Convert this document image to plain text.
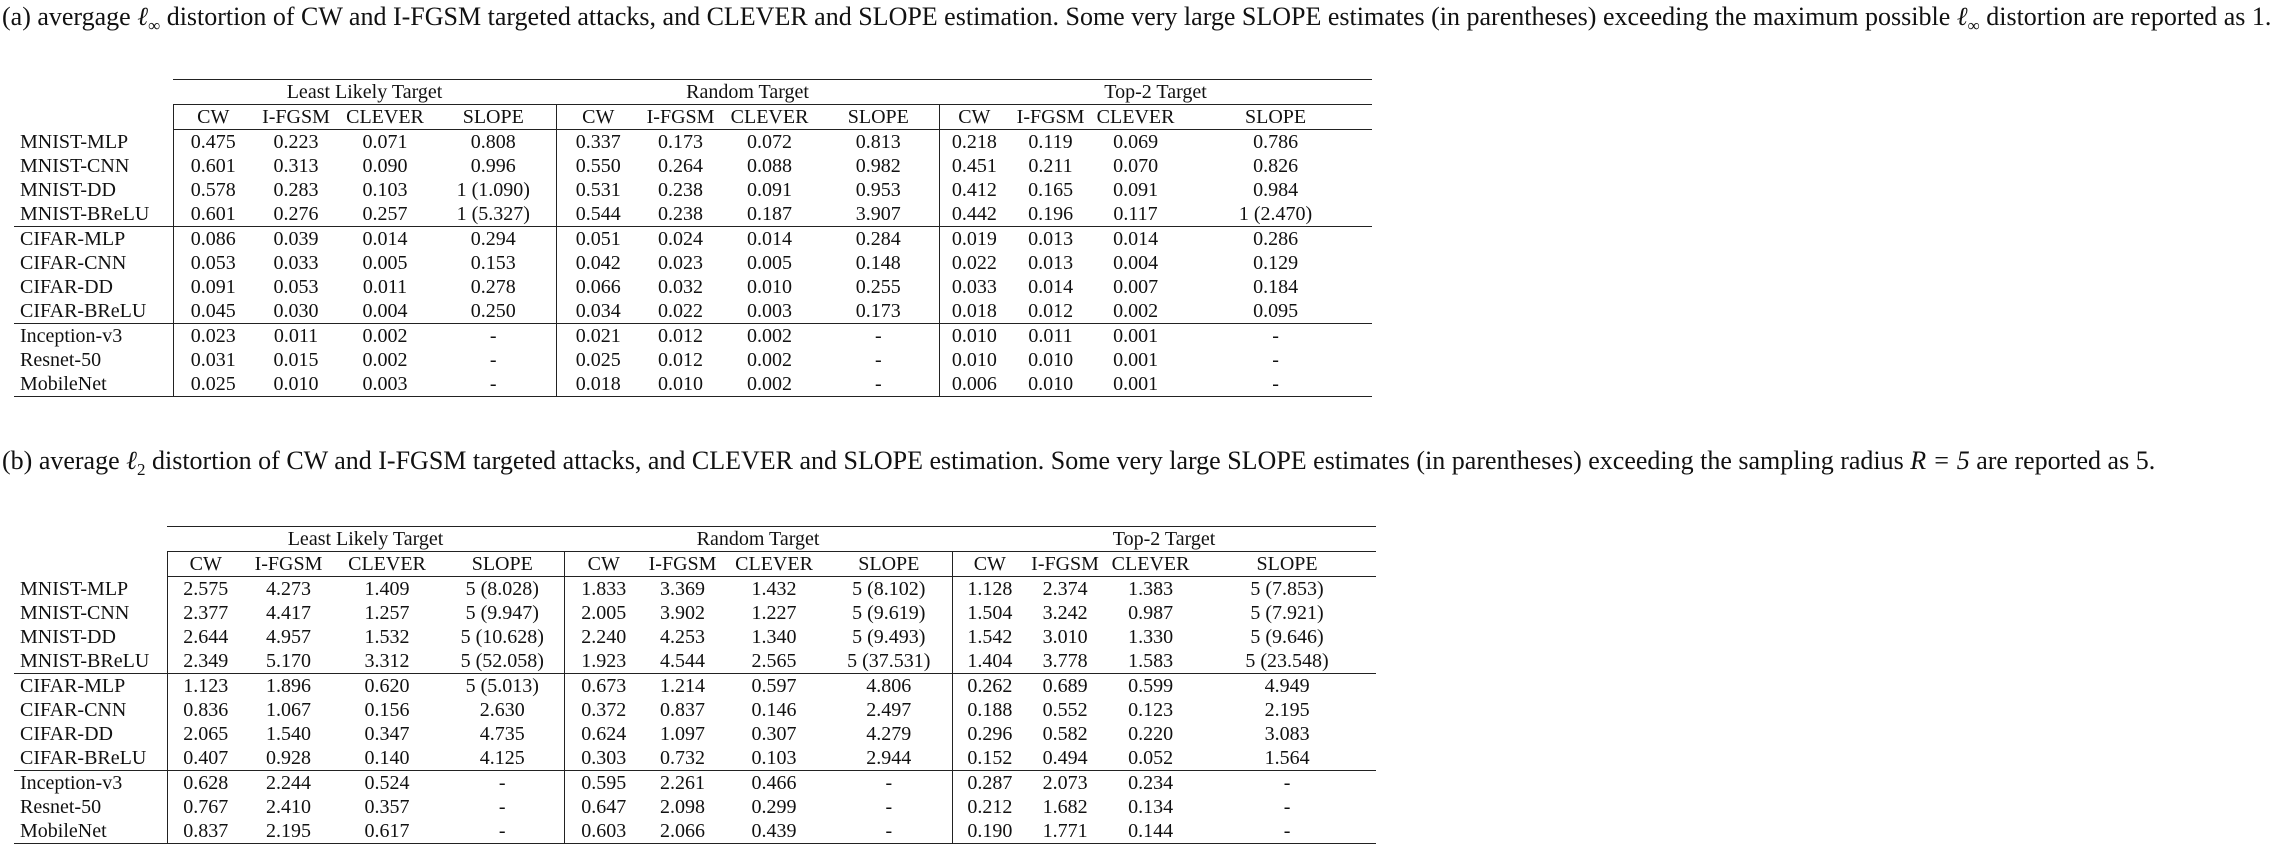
(a) avergage ℓ$_\infty$ distortion of CW and I-FGSM targeted attacks, and CLEVER and SLOPE estimation. Some very large SLOPE estimates (in parentheses) exceeding the maximum possible ℓ$_\infty$ distortion are reported as 1.
	Least Likely Target				Random Target				Top-2 Target			
	CW	I-FGSM	CLEVER	SLOPE	CW	I-FGSM	CLEVER	SLOPE	CW	I-FGSM	CLEVER	SLOPE
MNIST-MLP	0.475	0.223	0.071	0.808	0.337	0.173	0.072	0.813	0.218	0.119	0.069	0.786
MNIST-CNN	0.601	0.313	0.090	0.996	0.550	0.264	0.088	0.982	0.451	0.211	0.070	0.826
MNIST-DD	0.578	0.283	0.103	1 (1.090)	0.531	0.238	0.091	0.953	0.412	0.165	0.091	0.984
MNIST-BReLU	0.601	0.276	0.257	1 (5.327)	0.544	0.238	0.187	3.907	0.442	0.196	0.117	1 (2.470)
CIFAR-MLP	0.086	0.039	0.014	0.294	0.051	0.024	0.014	0.284	0.019	0.013	0.014	0.286
CIFAR-CNN	0.053	0.033	0.005	0.153	0.042	0.023	0.005	0.148	0.022	0.013	0.004	0.129
CIFAR-DD	0.091	0.053	0.011	0.278	0.066	0.032	0.010	0.255	0.033	0.014	0.007	0.184
CIFAR-BReLU	0.045	0.030	0.004	0.250	0.034	0.022	0.003	0.173	0.018	0.012	0.002	0.095
Inception-v3	0.023	0.011	0.002	-	0.021	0.012	0.002	-	0.010	0.011	0.001	-
Resnet-50	0.031	0.015	0.002	-	0.025	0.012	0.002	-	0.010	0.010	0.001	-
MobileNet	0.025	0.010	0.003	-	0.018	0.010	0.002	-	0.006	0.010	0.001	-
(b) average ℓ$_2$ distortion of CW and I-FGSM targeted attacks, and CLEVER and SLOPE estimation. Some very large SLOPE estimates (in parentheses) exceeding the sampling radius R = 5 are reported as 5.
	Least Likely Target				Random Target				Top-2 Target			
	CW	I-FGSM	CLEVER	SLOPE	CW	I-FGSM	CLEVER	SLOPE	CW	I-FGSM	CLEVER	SLOPE
MNIST-MLP	2.575	4.273	1.409	5 (8.028)	1.833	3.369	1.432	5 (8.102)	1.128	2.374	1.383	5 (7.853)
MNIST-CNN	2.377	4.417	1.257	5 (9.947)	2.005	3.902	1.227	5 (9.619)	1.504	3.242	0.987	5 (7.921)
MNIST-DD	2.644	4.957	1.532	5 (10.628)	2.240	4.253	1.340	5 (9.493)	1.542	3.010	1.330	5 (9.646)
MNIST-BReLU	2.349	5.170	3.312	5 (52.058)	1.923	4.544	2.565	5 (37.531)	1.404	3.778	1.583	5 (23.548)
CIFAR-MLP	1.123	1.896	0.620	5 (5.013)	0.673	1.214	0.597	4.806	0.262	0.689	0.599	4.949
CIFAR-CNN	0.836	1.067	0.156	2.630	0.372	0.837	0.146	2.497	0.188	0.552	0.123	2.195
CIFAR-DD	2.065	1.540	0.347	4.735	0.624	1.097	0.307	4.279	0.296	0.582	0.220	3.083
CIFAR-BReLU	0.407	0.928	0.140	4.125	0.303	0.732	0.103	2.944	0.152	0.494	0.052	1.564
Inception-v3	0.628	2.244	0.524	-	0.595	2.261	0.466	-	0.287	2.073	0.234	-
Resnet-50	0.767	2.410	0.357	-	0.647	2.098	0.299	-	0.212	1.682	0.134	-
MobileNet	0.837	2.195	0.617	-	0.603	2.066	0.439	-	0.190	1.771	0.144	-
